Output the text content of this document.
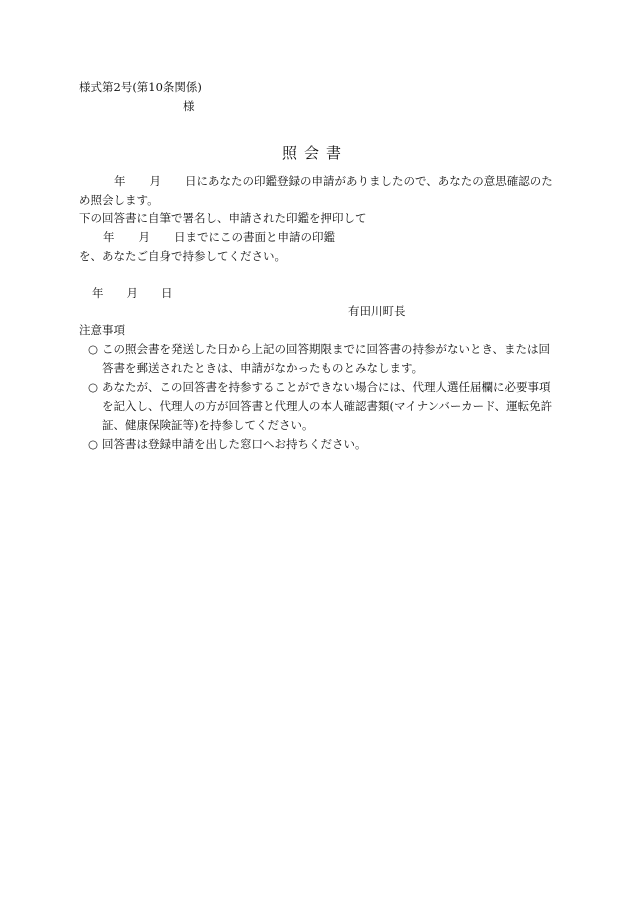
様式第2号(第10条関係)
様
照会書
年 月 日にあなたの印鑑登録の申請がありましたので、あなたの意思確認のため照会します。
下の回答書に自筆で署名し、申請された印鑑を押印して
年 月 日までにこの書面と申請の印鑑
を、あなたご自身で持参してください。
年 月 日
有田川町長
注意事項
○ この照会書を発送した日から上記の回答期限までに回答書の持参がないとき、または回答書を郵送されたときは、申請がなかったものとみなします。
○ あなたが、この回答書を持参することができない場合には、代理人選任届欄に必要事項を記入し、代理人の方が回答書と代理人の本人確認書類(マイナンバーカード、運転免許証、健康保険証等)を持参してください。
○ 回答書は登録申請を出した窓口へお持ちください。
